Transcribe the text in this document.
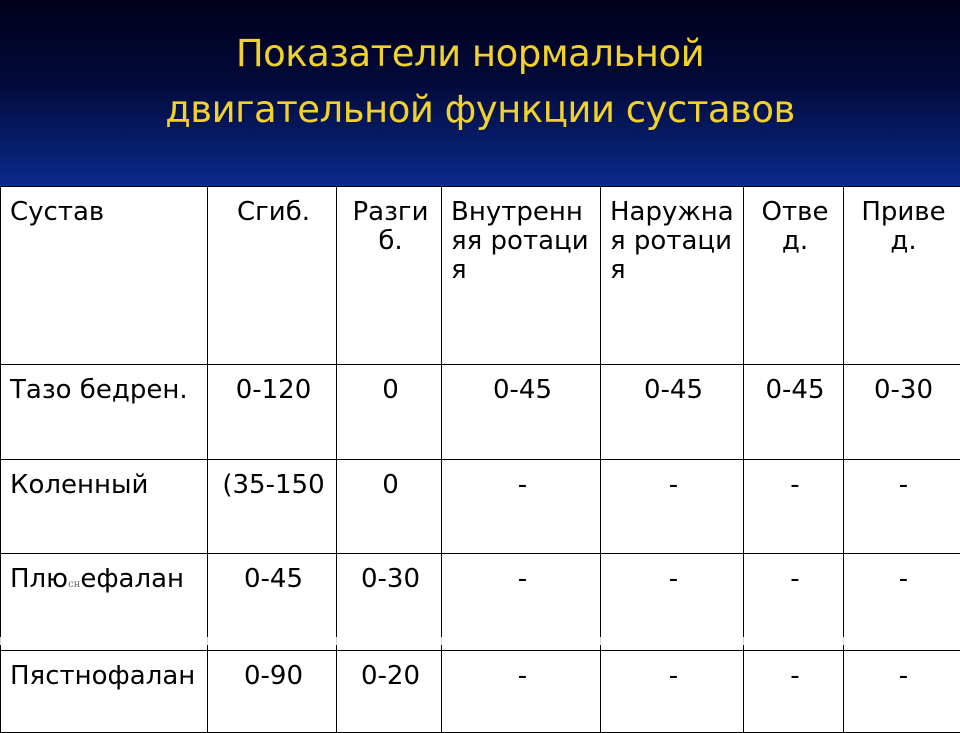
Показатели нормальной
двигательной функции суставов
Сустав	Сгиб.	Разгиб.	Внутренняя ротация	Наружная ротация	Отвед.	Привед.
Тазо бедрен.	0-120	0	0-45	0-45	0-45	0-30
Коленный	(35-150	0	-	-	-	-
Плюснефалан	0-45	0-30	-	-	-	-
Пястнофалан	0-90	0-20	-	-	-	-
